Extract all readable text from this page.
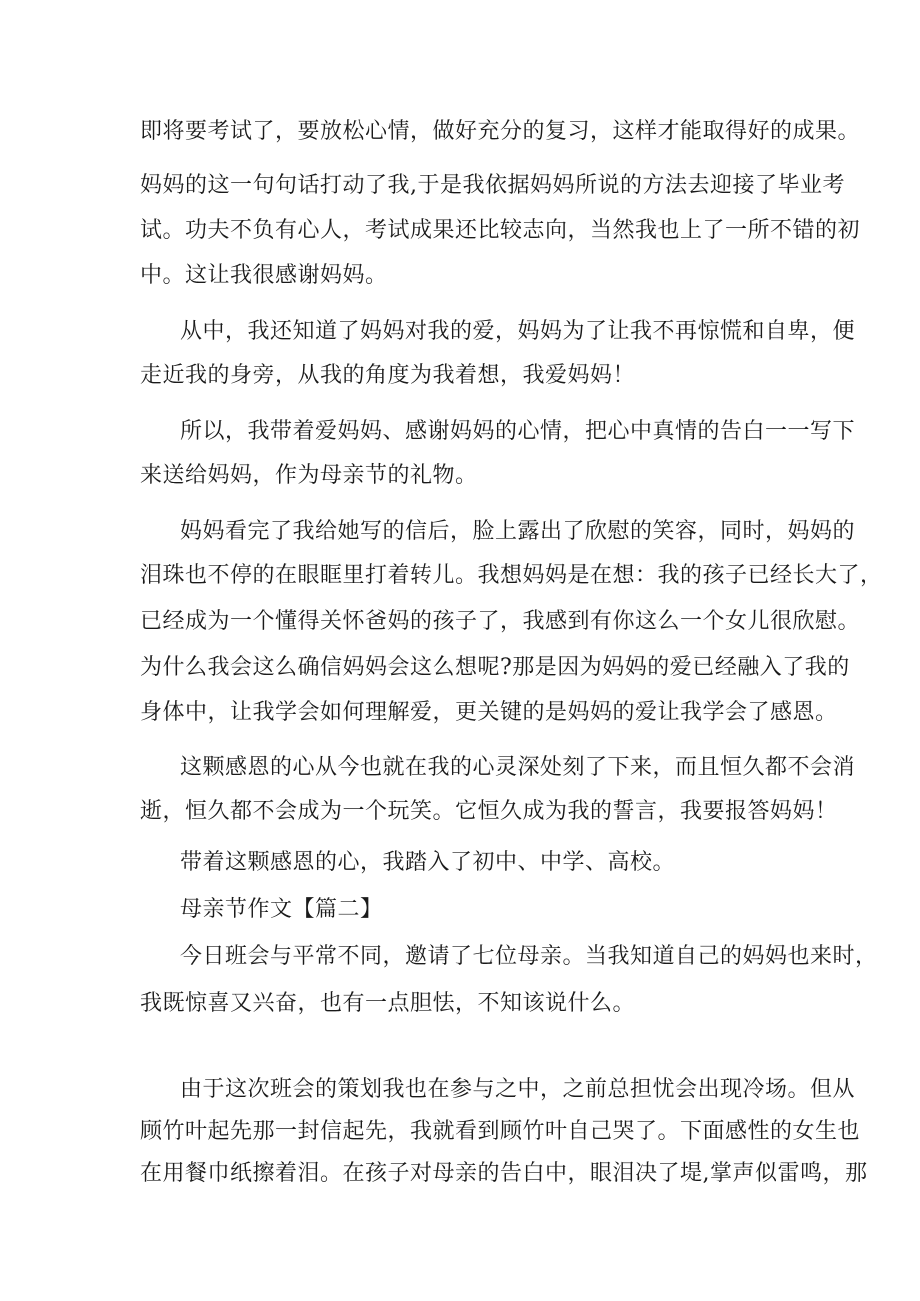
即将要考试了，要放松心情，做好充分的复习，这样才能取得好的成果。
妈妈的这一句句话打动了我,于是我依据妈妈所说的方法去迎接了毕业考
试。功夫不负有心人，考试成果还比较志向，当然我也上了一所不错的初
中。这让我很感谢妈妈。
从中，我还知道了妈妈对我的爱，妈妈为了让我不再惊慌和自卑，便
走近我的身旁，从我的角度为我着想，我爱妈妈！
所以，我带着爱妈妈、感谢妈妈的心情，把心中真情的告白一一写下
来送给妈妈，作为母亲节的礼物。
妈妈看完了我给她写的信后，脸上露出了欣慰的笑容，同时，妈妈的
泪珠也不停的在眼眶里打着转儿。我想妈妈是在想：我的孩子已经长大了，
已经成为一个懂得关怀爸妈的孩子了，我感到有你这么一个女儿很欣慰。
为什么我会这么确信妈妈会这么想呢?那是因为妈妈的爱已经融入了我的
身体中，让我学会如何理解爱，更关键的是妈妈的爱让我学会了感恩。
这颗感恩的心从今也就在我的心灵深处刻了下来，而且恒久都不会消
逝，恒久都不会成为一个玩笑。它恒久成为我的誓言，我要报答妈妈！
带着这颗感恩的心，我踏入了初中、中学、高校。
母亲节作文【篇二】
今日班会与平常不同，邀请了七位母亲。当我知道自己的妈妈也来时，
我既惊喜又兴奋，也有一点胆怯，不知该说什么。
由于这次班会的策划我也在参与之中，之前总担忧会出现冷场。但从
顾竹叶起先那一封信起先，我就看到顾竹叶自己哭了。下面感性的女生也
在用餐巾纸擦着泪。在孩子对母亲的告白中，眼泪决了堤,掌声似雷鸣，那
